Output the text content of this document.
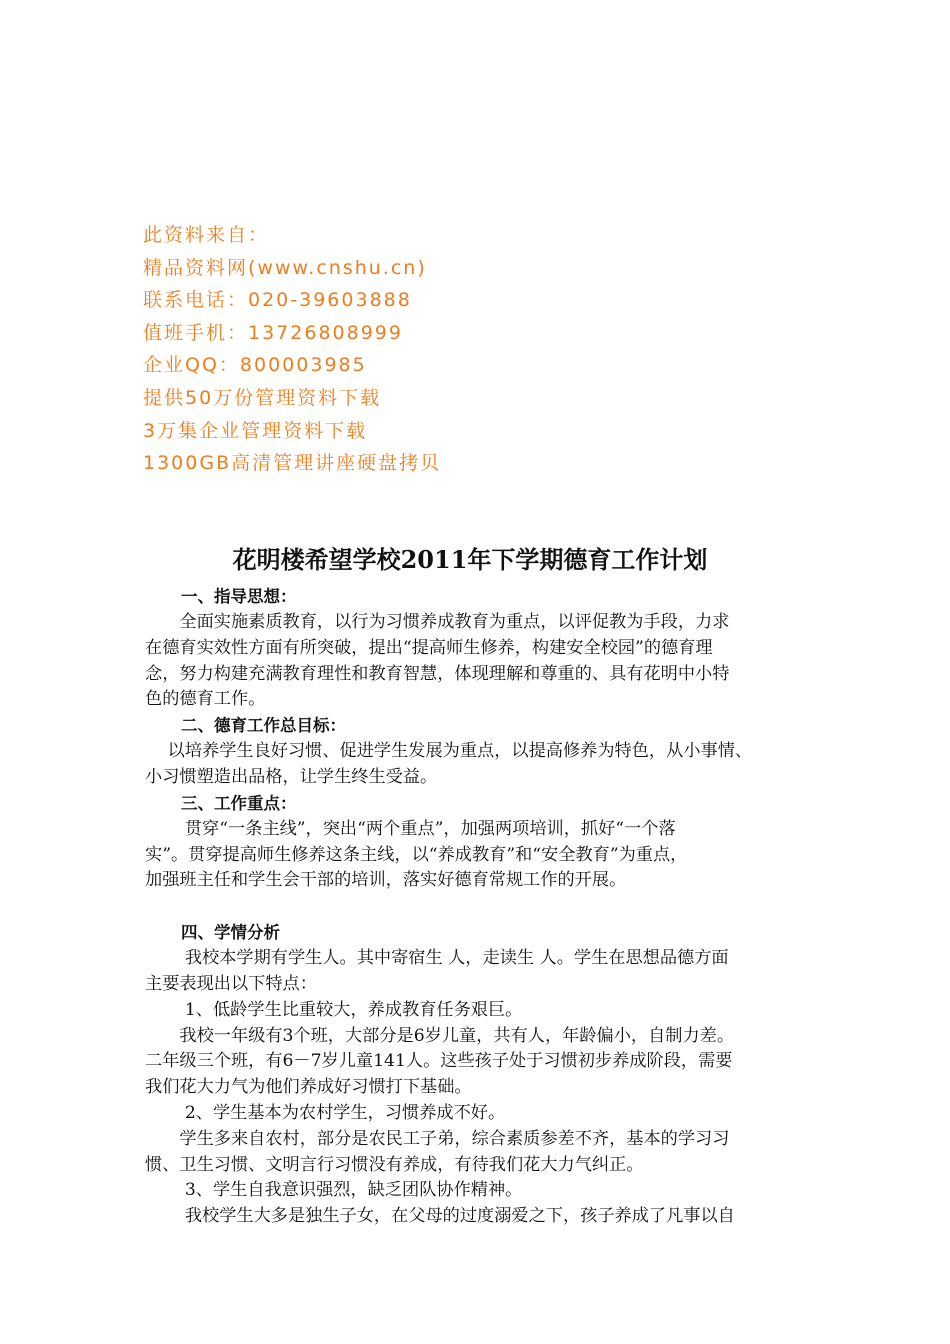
此资料来自：
精品资料网(www.cnshu.cn)
联系电话：020-39603888
值班手机：13726808999
企业QQ：800003985
提供50万份管理资料下载
3万集企业管理资料下载
1300GB高清管理讲座硬盘拷贝
花明楼希望学校2011年下学期德育工作计划
一、指导思想：
　　全面实施素质教育，以行为习惯养成教育为重点，以评促教为手段，力求
在德育实效性方面有所突破，提出“提高师生修养，构建安全校园”的德育理
念，努力构建充满教育理性和教育智慧，体现理解和尊重的、具有花明中小特
色的德育工作。
二、德育工作总目标：
　 以培养学生良好习惯、促进学生发展为重点，以提高修养为特色，从小事情、
小习惯塑造出品格，让学生终生受益。
三、工作重点：
　　 贯穿“一条主线”，突出“两个重点”，加强两项培训，抓好“一个落
实”。贯穿提高师生修养这条主线，以“养成教育”和“安全教育”为重点，
加强班主任和学生会干部的培训，落实好德育常规工作的开展。
四、学情分析
　　 我校本学期有学生人。其中寄宿生 人，走读生 人。学生在思想品德方面
主要表现出以下特点：
　　 1、低龄学生比重较大，养成教育任务艰巨。
　　我校一年级有3个班，大部分是6岁儿童，共有人，年龄偏小，自制力差。
二年级三个班，有6－7岁儿童141人。这些孩子处于习惯初步养成阶段，需要
我们花大力气为他们养成好习惯打下基础。
　　 2、学生基本为农村学生，习惯养成不好。
　　学生多来自农村，部分是农民工子弟，综合素质参差不齐，基本的学习习
惯、卫生习惯、文明言行习惯没有养成，有待我们花大力气纠正。
　　 3、学生自我意识强烈，缺乏团队协作精神。
　　 我校学生大多是独生子女，在父母的过度溺爱之下，孩子养成了凡事以自
